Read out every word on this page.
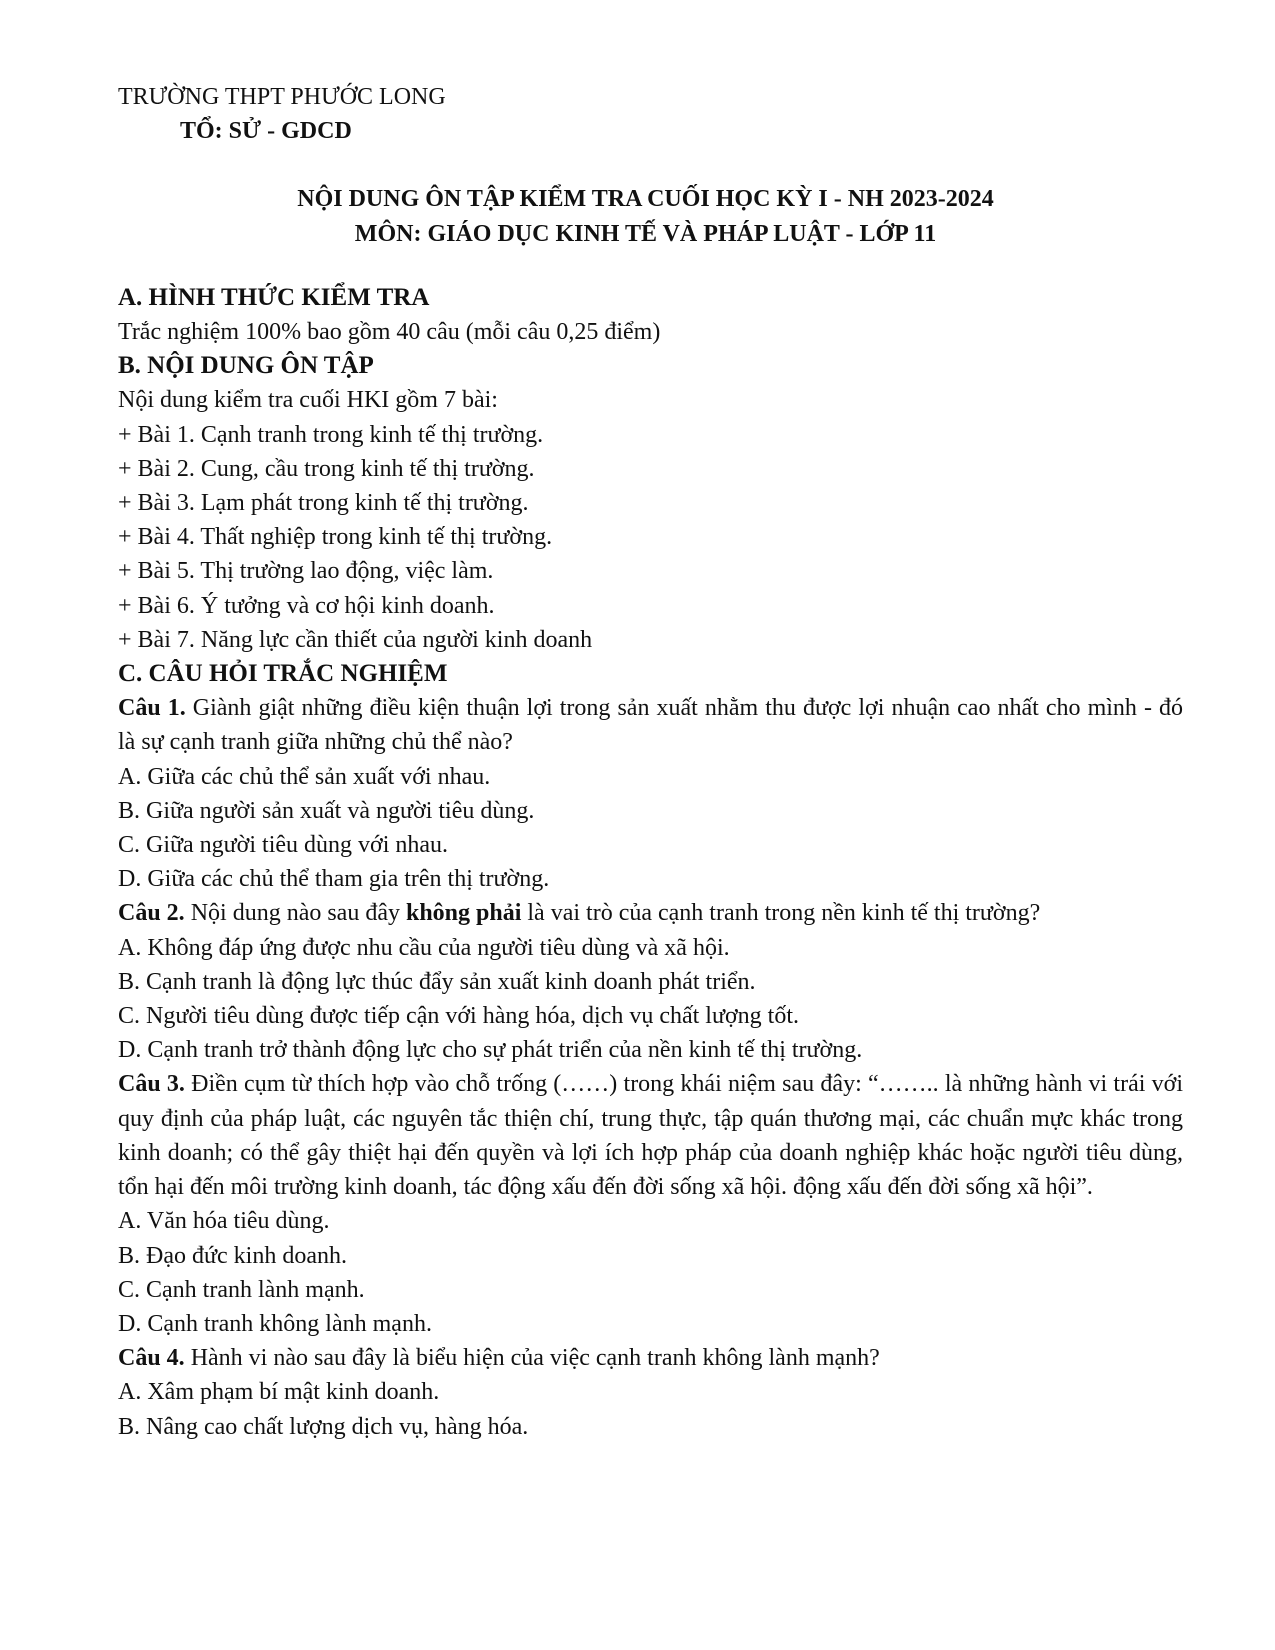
TRƯỜNG THPT PHƯỚC LONG
TỔ: SỬ - GDCD
NỘI DUNG ÔN TẬP KIỂM TRA CUỐI HỌC KỲ I - NH 2023-2024
MÔN: GIÁO DỤC KINH TẾ VÀ PHÁP LUẬT - LỚP 11
A. HÌNH THỨC KIỂM TRA
Trắc nghiệm 100% bao gồm 40 câu (mỗi câu 0,25 điểm)
B. NỘI DUNG ÔN TẬP
Nội dung kiểm tra cuối HKI gồm 7 bài:
+ Bài 1. Cạnh tranh trong kinh tế thị trường.
+ Bài 2. Cung, cầu trong kinh tế thị trường.
+ Bài 3. Lạm phát trong kinh tế thị trường.
+ Bài 4. Thất nghiệp trong kinh tế thị trường.
+ Bài 5. Thị trường lao động, việc làm.
+ Bài 6. Ý tưởng và cơ hội kinh doanh.
+ Bài 7. Năng lực cần thiết của người kinh doanh
C. CÂU HỎI TRẮC NGHIỆM
Câu 1. Giành giật những điều kiện thuận lợi trong sản xuất nhằm thu được lợi nhuận cao nhất cho mình - đó là sự cạnh tranh giữa những chủ thể nào?
A. Giữa các chủ thể sản xuất với nhau.
B. Giữa người sản xuất và người tiêu dùng.
C. Giữa người tiêu dùng với nhau.
D. Giữa các chủ thể tham gia trên thị trường.
Câu 2. Nội dung nào sau đây không phải là vai trò của cạnh tranh trong nền kinh tế thị trường?
A. Không đáp ứng được nhu cầu của người tiêu dùng và xã hội.
B. Cạnh tranh là động lực thúc đẩy sản xuất kinh doanh phát triển.
C. Người tiêu dùng được tiếp cận với hàng hóa, dịch vụ chất lượng tốt.
D. Cạnh tranh trở thành động lực cho sự phát triển của nền kinh tế thị trường.
Câu 3. Điền cụm từ thích hợp vào chỗ trống (……) trong khái niệm sau đây: “…….. là những hành vi trái với quy định của pháp luật, các nguyên tắc thiện chí, trung thực, tập quán thương mại, các chuẩn mực khác trong kinh doanh; có thể gây thiệt hại đến quyền và lợi ích hợp pháp của doanh nghiệp khác hoặc người tiêu dùng, tổn hại đến môi trường kinh doanh, tác động xấu đến đời sống xã hội. động xấu đến đời sống xã hội”.
A. Văn hóa tiêu dùng.
B. Đạo đức kinh doanh.
C. Cạnh tranh lành mạnh.
D. Cạnh tranh không lành mạnh.
Câu 4. Hành vi nào sau đây là biểu hiện của việc cạnh tranh không lành mạnh?
A. Xâm phạm bí mật kinh doanh.
B. Nâng cao chất lượng dịch vụ, hàng hóa.
